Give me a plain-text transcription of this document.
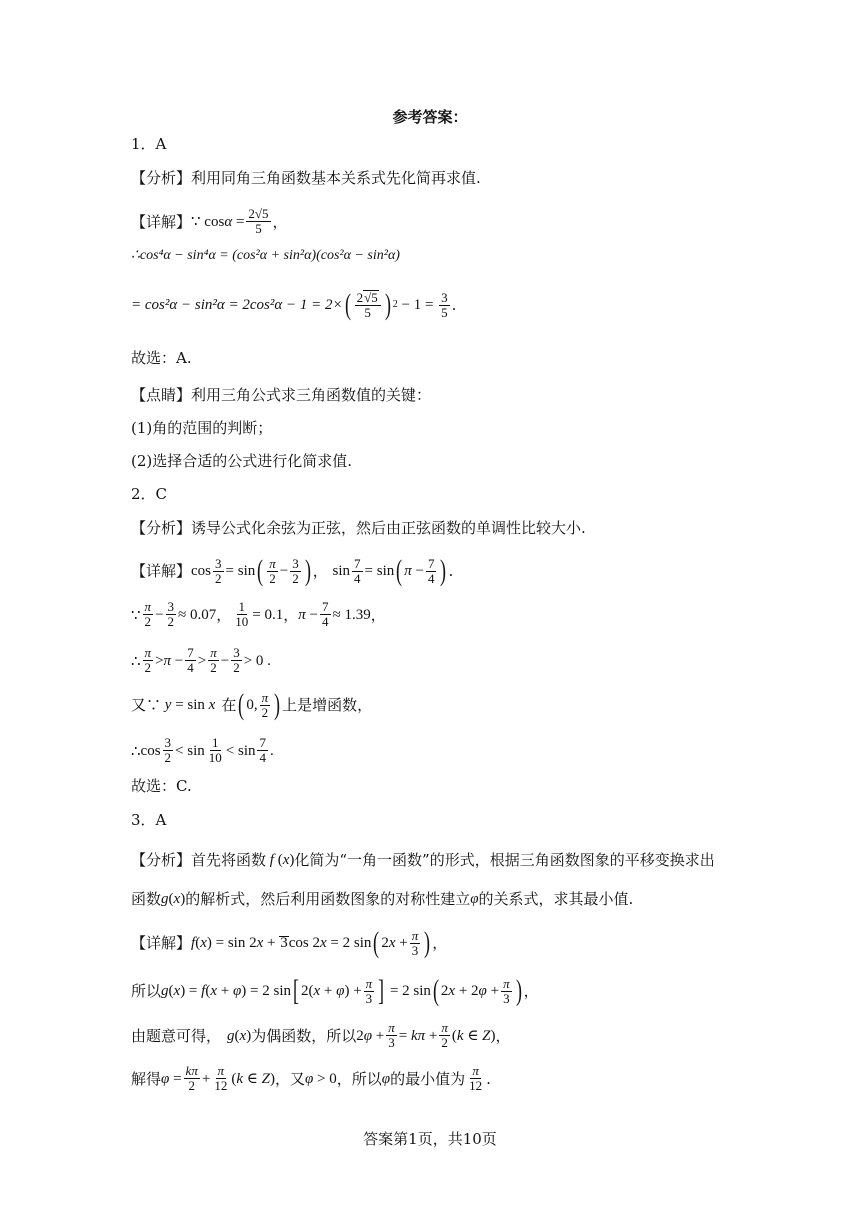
参考答案：
1．A
【分析】利用同角三角函数基本关系式先化简再求值.
【详解】 ∵ $\cos \alpha = \frac{2√5}{5}$ ，
∴cos⁴α − sin⁴α = (cos²α + sin²α)(cos²α − sin²α)
= cos²α − sin²α = 2cos²α − 1 = 2× ( $\frac{2√5}{5}$ ) $2 - 1 = \frac{3}{5}$ .
故选：A.
【点睛】利用三角公式求三角函数值的关键：
(1)角的范围的判断；
(2)选择合适的公式进行化简求值.
2．C
【分析】诱导公式化余弦为正弦，然后由正弦函数的单调性比较大小.
【详解】 $\cos \frac{3}{2} = \sin$ ( $\frac{\pi}{2} - \frac{3}{2}$ ) ， $\sin \frac{7}{4} = \sin$ ( $\pi - \frac{7}{4}$ ) .
∵ $\frac{\pi}{2} - \frac{3}{2} \approx 0.07$ ， $\frac{1}{10} = 0.1$ ， $\pi - \frac{7}{4} \approx 1.39$ ，
∴ $\frac{\pi}{2} > \pi - \frac{7}{4} > \frac{\pi}{2} - \frac{3}{2} > 0$ .
又∵ y = sin x 在 ( 0, $\frac{\pi}{2}$ ) 上是增函数，
∴ $\cos \frac{3}{2} < \sin \frac{1}{10} < \sin \frac{7}{4}$ .
故选：C.
3．A
【分析】首先将函数 f ( x ) 化简为“一角一函数”的形式，根据三角函数图象的平移变换求出
函数 g ( x ) 的解析式，然后利用函数图象的对称性建立 φ 的关系式，求其最小值.
【详解】 f ( x ) = sin 2 x + 3 cos 2 x = 2 sin ( 2 $x + \frac{\pi}{3}$ ) ，
所以 g ( x ) = f ( x + φ ) = 2 sin [ 2( x + φ ) + $\frac{\pi}{3}$ ] = 2 sin ( 2 x + 2 $\varphi + \frac{\pi}{3}$ ) ，
由题意可得， g ( x ) 为偶函数，所以 2 $\varphi + \frac{\pi}{3} = k\pi + \frac{\pi}{2}$ ( k ∈ Z ) ，
解得 $\varphi = \frac{k\pi}{2} + \frac{\pi}{12}$ ( k ∈ Z ) ，又 φ > 0 ，所以 φ 的最小值为 $\frac{\pi}{12}$ .
答案第1页，共10页
